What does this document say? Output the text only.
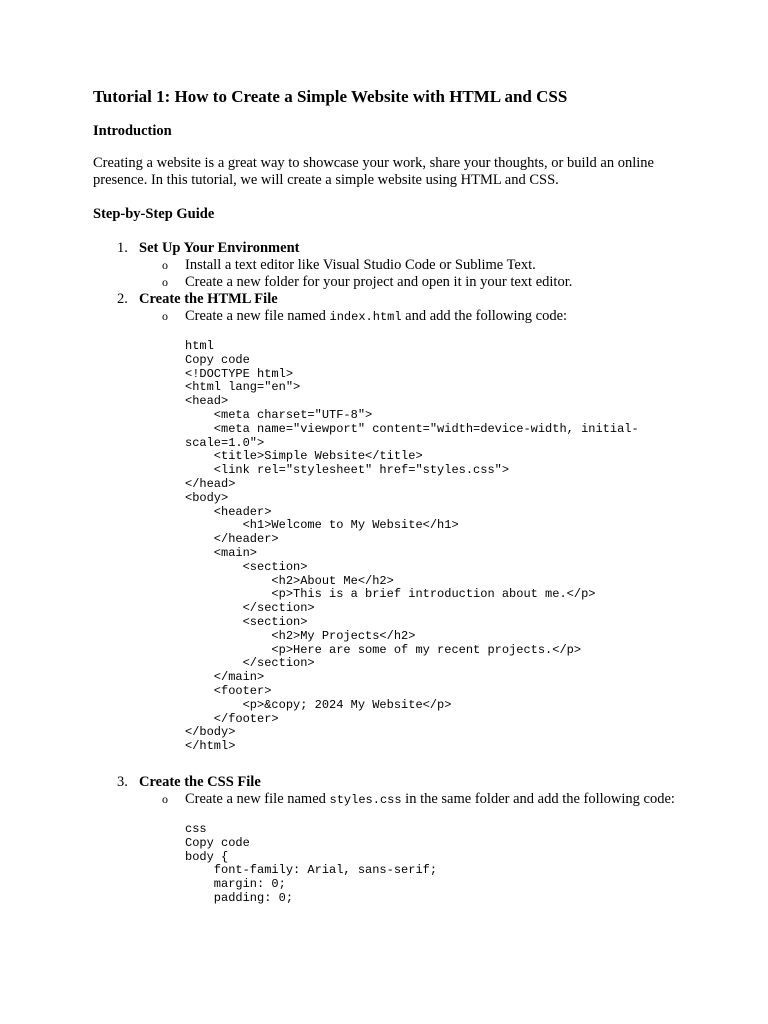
Tutorial 1: How to Create a Simple Website with HTML and CSS
Introduction

Creating a website is a great way to showcase your work, share your thoughts, or build an online presence. In this tutorial, we will create a simple website using HTML and CSS.

Step-by-Step Guide
1. Set Up Your Environment
o Install a text editor like Visual Studio Code or Sublime Text.
o Create a new folder for your project and open it in your text editor.
2. Create the HTML File
o Create a new file named index.html and add the following code:
html
Copy code
<!DOCTYPE html>
<html lang="en">
<head>
<meta charset="UTF-8">
<meta name="viewport" content="width=device-width, initial-
scale=1.0">
<title>Simple Website</title>
<link rel="stylesheet" href="styles.css">
</head>
<body>
<header>
<h1>Welcome to My Website</h1>
</header>
<main>
<section>
<h2>About Me</h2>
<p>This is a brief introduction about me.</p>
</section>
<section>
<h2>My Projects</h2>
<p>Here are some of my recent projects.</p>
</section>
</main>
<footer>
<p>&copy; 2024 My Website</p>
</footer>
</body>
</html>
3. Create the CSS File
o Create a new file named styles.css in the same folder and add the following code:
css
Copy code
body {
font-family: Arial, sans-serif;
margin: 0;
padding: 0;
